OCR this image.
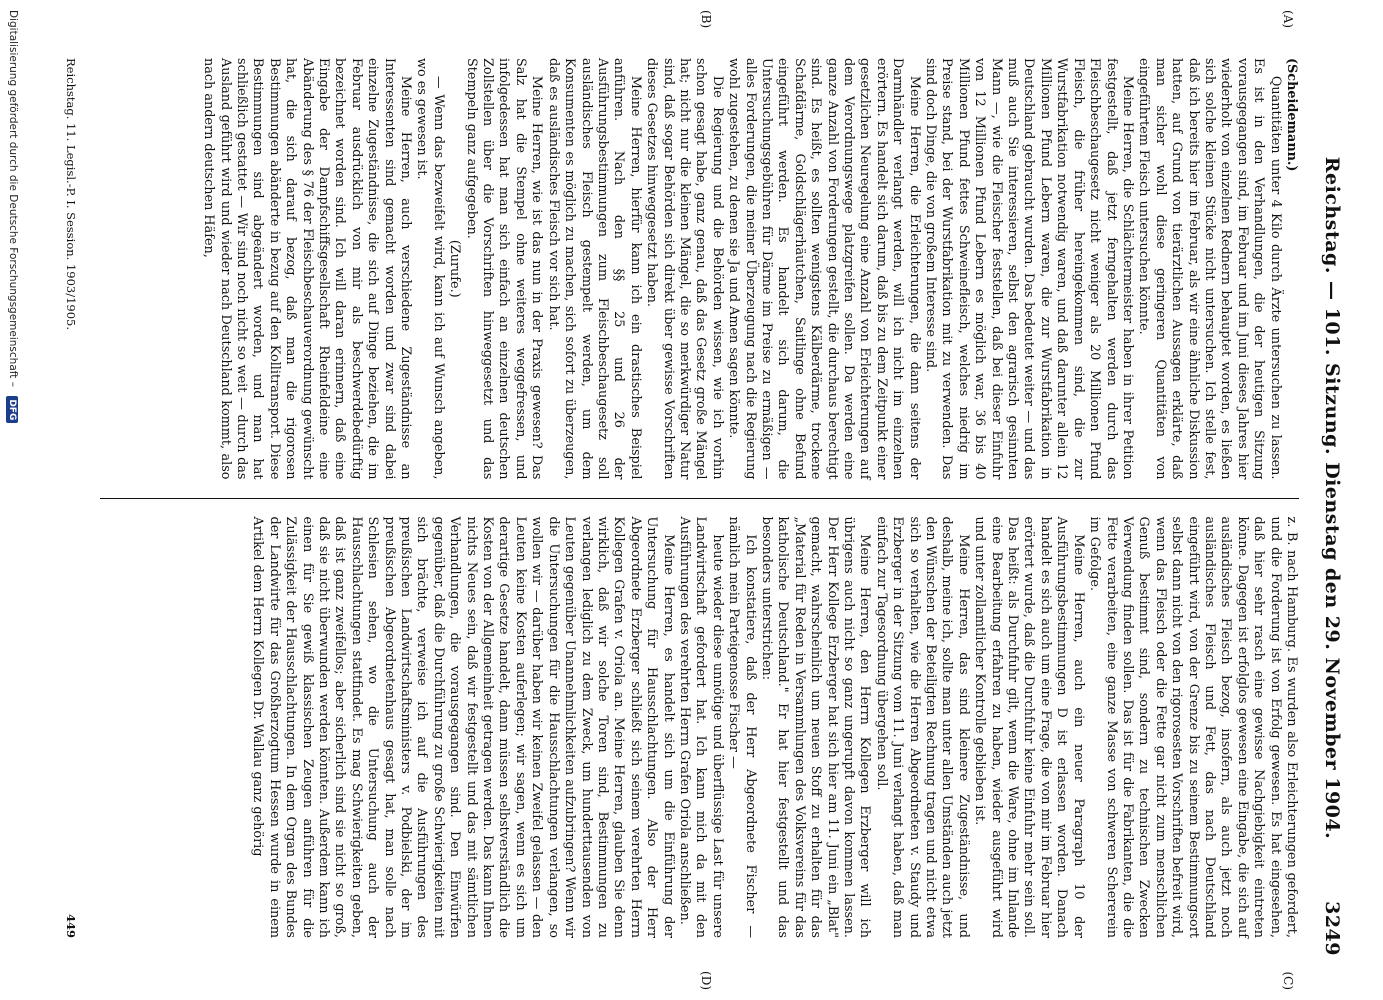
Reichstag. — 101. Sitzung. Dienstag den 29. November 1904.
3249

(Scheidemann.)

Quantitäten unter 4 Kilo durch Ärzte untersuchen zu lassen. Es ist in den Verhandlungen, die der heutigen Sitzung vorausgegangen sind, im Februar und im Juni dieses Jahres hier wiederholt von einzelnen Rednern behauptet worden, es ließen sich solche kleinen Stücke nicht untersuchen. Ich stelle fest, daß ich bereits hier im Februar, als wir eine ähnliche Diskussion hatten, auf Grund von tierärztlichen Aussagen erklärte, daß man sicher wohl diese geringeren Quantitäten von eingeführtem Fleisch untersuchen könnte.

Meine Herren, die Schlächtermeister haben in ihrer Petition festgestellt, daß jetzt ferngehalten werden durch das Fleischbeschaugesetz nicht weniger als 20 Millionen Pfund Fleisch, die früher hereingekommen sind, die zur Wurstfabrikation notwendig waren, und daß darunter allein 12 Millionen Pfund Lebern waren, die zur Wurstfabrikation in Deutschland gebraucht wurden. Das bedeutet weiter — und das muß auch Sie interessieren, selbst den agrarisch gesinnten Mann —, wie die Fleischer feststellen, daß bei dieser Einfuhr von 12 Millionen Pfund Lebern es möglich war, 36 bis 40 Millionen Pfund fettes Schweinefleisch, welches niedrig im Preise stand, bei der Wurstfabrikation mit zu verwenden. Das sind doch Dinge, die von großem Interesse sind.

Meine Herren, die Erleichterungen, die dann seitens der Darmhändler verlangt werden, will ich nicht im einzelnen erörtern. Es handelt sich darum, daß bis zu dem Zeitpunkt einer gesetzlichen Neuregelung eine Anzahl von Erleichterungen auf dem Verordnungswege platzgreifen sollen. Da werden eine ganze Anzahl von Forderungen gestellt, die durchaus berechtigt sind. Es heißt, es sollten wenigstens Kälberdärme, trockene Schafdärme, Goldschlägerhäutchen, Saitlinge ohne Befund eingeführt werden. Es handelt sich darum, die Untersuchungsgebühren für Därme im Preise zu ermäßigen — alles Forderungen, die meiner Überzeugung nach die Regierung wohl zugestehen, zu denen sie Ja und Amen sagen könnte.

Die Regierung und die Behörden wissen, wie ich vorhin schon gesagt habe, ganz genau, daß das Gesetz große Mängel hat; nicht nur die kleinen Mängel, die so merkwürdiger Natur sind, daß sogar Behörden sich direkt über gewisse Vorschriften dieses Gesetzes hinweggesetzt haben.

Meine Herren, hierfür kann ich ein drastisches Beispiel anführen. Nach den §§ 25 und 26 der Ausführungsbestimmungen zum Fleischbeschaugesetz soll ausländisches Fleisch gestempelt werden, um dem Konsumenten es möglich zu machen, sich sofort zu überzeugen, daß es ausländisches Fleisch vor sich hat.

Meine Herren, wie ist das nun in der Praxis gewesen? Das Salz hat die Stempel ohne weiteres weggefressen, und infolgedessen hat man sich einfach an einzelnen deutschen Zollstellen über die Vorschriften hinweggesetzt und das Stempeln ganz aufgegeben.

(Zurufe.)

— Wenn das bezweifelt wird, kann ich auf Wunsch angeben, wo es gewesen ist.

Meine Herren, auch verschiedene Zugeständnisse an Interessenten sind gemacht worden und zwar sind dabei einzelne Zugeständnisse, die sich auf Dinge beziehen, die im Februar ausdrücklich von mir als beschwerdebedürftig bezeichnet worden sind. Ich will daran erinnern, daß eine Eingabe der Dampfschiffsgesellschaft Rheinfeldeine eine Abänderung des § 76 der Fleischbeschauverordnung gewünscht hat, die sich darauf bezog, daß man die rigorosen Bestimmungen abänderte in bezug auf den Kollitransport. Diese Bestimmungen sind abgeändert worden, und man hat schließlich gestattet — Wir sind noch nicht so weit — durch das Ausland geführt wird und wieder nach Deutschland kommt, also nach andern deutschen Häfen,

z. B. nach Hamburg. Es wurden also Erleichterungen gefordert, und die Forderung ist von Erfolg gewesen. Es hat eingesehen, daß hier sehr rasch eine gewisse Nachgiebigkeit eintreten könne. Dagegen ist erfolglos gewesen eine Eingabe, die sich auf ausländisches Fleisch bezog, insofern, als auch jetzt noch ausländisches Fleisch und Fett, das nach Deutschland eingeführt wird, von der Grenze bis zu seinem Bestimmungsort selbst dann nicht von den rigorosesten Vorschriften befreit wird, wenn das Fleisch oder die Fette gar nicht zum menschlichen Genuß bestimmt sind, sondern zu technischen Zwecken Verwendung finden sollen. Das ist für die Fabrikanten, die die Fette verarbeiten, eine ganze Masse von schweren Schererein im Gefolge.

Meine Herren, auch ein neuer Paragraph 10 der Ausführungsbestimmungen D ist erlassen worden. Danach handelt es sich auch um eine Frage, die von mir im Februar hier erörtert wurde, daß die Durchfuhr keine Einfuhr mehr sein soll. Das heißt: als Durchfuhr gilt, wenn die Ware, ohne im Inlande eine Bearbeitung erfahren zu haben, wieder ausgeführt wird und unter zollamtlicher Kontrolle geblieben ist.

Meine Herren, das sind kleinere Zugeständnisse, und deshalb, meine ich, sollte man unter allen Umständen auch jetzt den Wünschen der Beteiligten Rechnung tragen und nicht etwa sich so verhalten, wie die Herren Abgeordneten v. Staudy und Erzberger in der Sitzung vom 11. Juni verlangt haben, daß man einfach zur Tagesordnung übergehen soll.

Meine Herren, den Herrn Kollegen Erzberger will ich übrigens auch nicht so ganz ungerupft davon kommen lassen. Der Herr Kollege Erzberger hat sich hier am 11. Juni ein „Blat" gemacht, wahrscheinlich um neuen Stoff zu erhalten für das „Material für Reden in Versammlungen des Volksvereins für das katholische Deutschland." Er hat hier festgestellt und das besonders unterstrichen:

Ich konstatiere, daß der Herr Abgeordnete Fischer — nämlich mein Parteigenosse Fischer —

heute wieder diese unnötige und überflüssige Last für unsere Landwirtschaft gefordert hat. Ich kann mich da mit den Ausführungen des verehrten Herrn Grafen Oriola anschließen.

Meine Herren, es handelt sich um die Einführung der Untersuchung für Hausschlachtungen. Also der Herr Abgeordnete Erzberger schließt sich seinem verehrten Herrn Kollegen Grafen v. Oriola an. Meine Herren, glauben Sie denn wirklich, daß wir solche Toren sind, Bestimmungen zu verlangen lediglich zu dem Zweck, um hunderttausenden von Leuten gegenüber Unannehmlichkeiten aufzubringen? Wenn wir die Untersuchungen für die Hausschlachtungen verlangen, so wollen wir — darüber haben wir keinen Zweifel gelassen — den Leuten keine Kosten auferlegen; wir sagen, wenn es sich um derartige Gesetze handelt, dann müssen selbstverständlich die Kosten von der Allgemeinheit getragen werden. Das kann Ihnen nichts Neues sein, daß wir festgestellt und das mit sämtlichen Verhandlungen, die vorausgegangen sind. Den Einwürfen gegenüber, daß die Durchführung zu große Schwierigkeiten mit sich brächte, verweise ich auf die Ausführungen des preußischen Landwirtschaftsministers v. Podbielski, der im preußischen Abgeordnetenhaus gesagt hat, man solle nach Schlesien sehen, wo die Untersuchung auch der Hausschlachtungen stattfindet. Es mag Schwierigkeiten geben, daß ist ganz zweifellos; aber sicherlich sind sie nicht so groß, daß sie nicht überwunden werden könnten. Außerdem kann ich einen für Sie gewiß klassischen Zeugen anführen für die Zulässigkeit der Hausschlachtungen. In dem Organ des Bundes der Landwirte für das Großherzogtum Hessen wurde in einem Artikel dem Herrn Kollegen Dr. Wallau ganz gehörig

(A)
(B)
(C)
(D)
Reichstag. 11. Legisl.-P. I. Session. 1903/1905.
449
Digitalisierung gefördert durch die Deutsche Forschungsgemeinschaft – DFG
